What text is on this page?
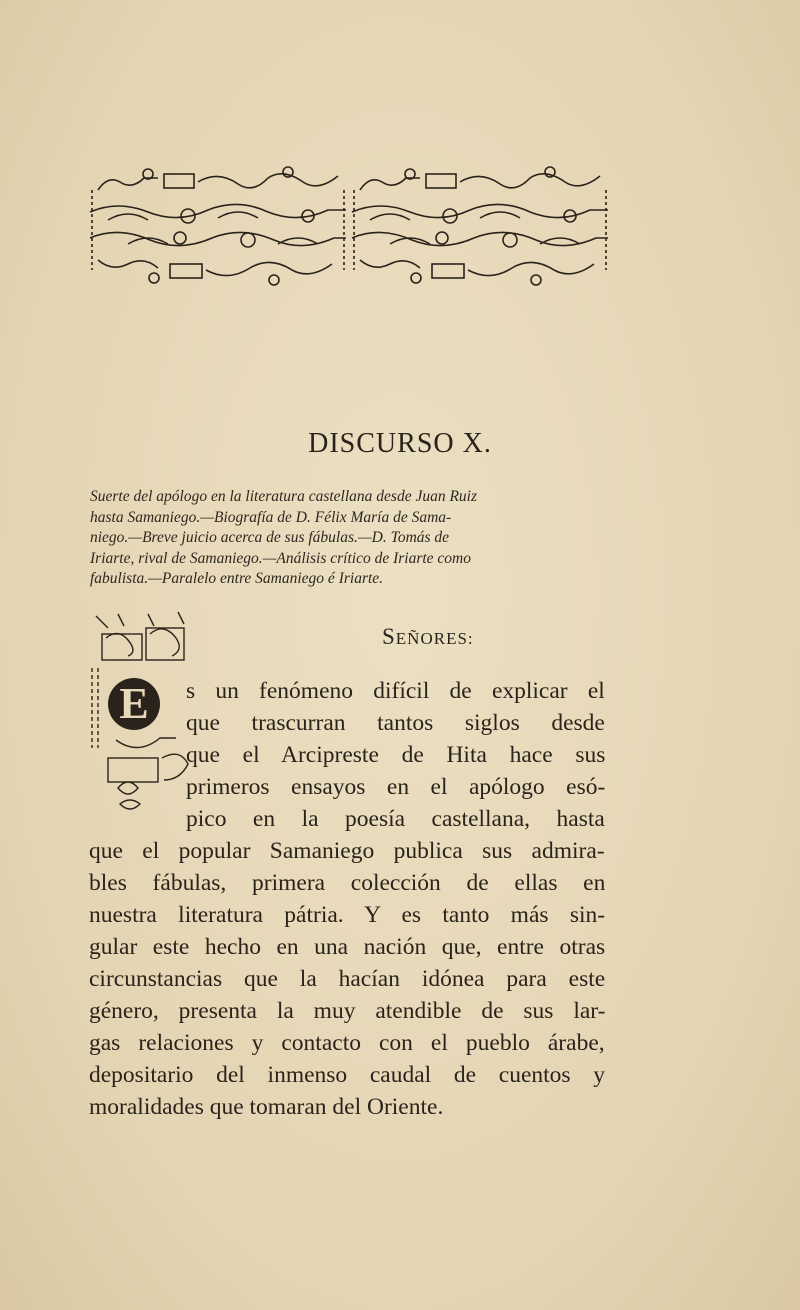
DISCURSO X.
Suerte del apólogo en la literatura castellana desde Juan Ruiz
hasta Samaniego.—Biografía de D. Félix María de Sama-
niego.—Breve juicio acerca de sus fábulas.—D. Tomás de
Iriarte, rival de Samaniego.—Análisis crítico de Iriarte como
fabulista.—Paralelo entre Samaniego é Iriarte.
SEÑORES:
E s un fenómeno difícil de explicar el
que trascurran tantos siglos desde
que el Arcipreste de Hita hace sus
primeros ensayos en el apólogo esó-
pico en la poesía castellana, hasta
que el popular Samaniego publica sus admira-
bles fábulas, primera colección de ellas en
nuestra literatura pátria. Y es tanto más sin-
gular este hecho en una nación que, entre otras
circunstancias que la hacían idónea para este
género, presenta la muy atendible de sus lar-
gas relaciones y contacto con el pueblo árabe,
depositario del inmenso caudal de cuentos y
moralidades que tomaran del Oriente.
